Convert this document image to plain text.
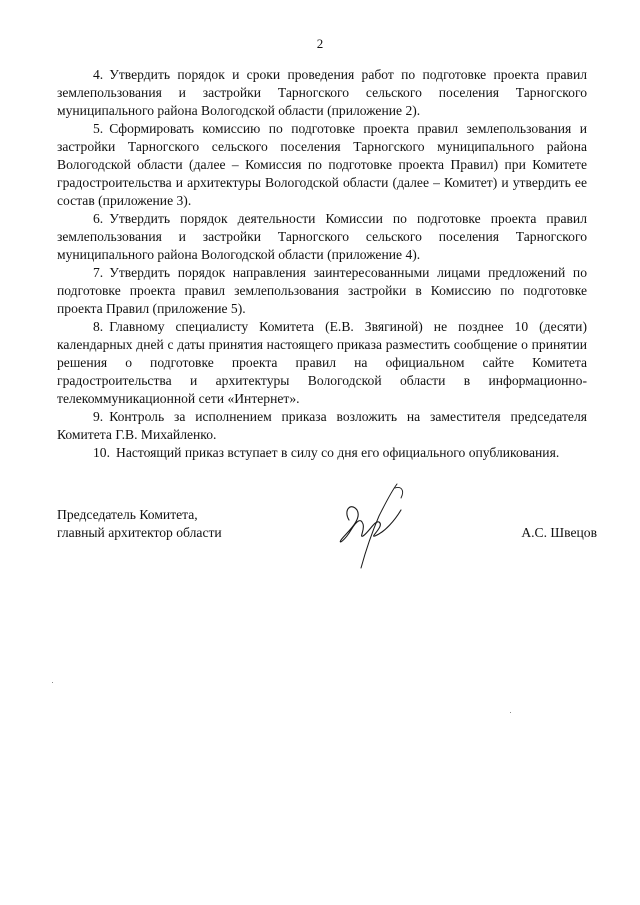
2

4. Утвердить порядок и сроки проведения работ по подготовке проекта правил землепользования и застройки Тарногского сельского поселения Тарногского муниципального района Вологодской области (приложение 2).

5. Сформировать комиссию по подготовке проекта правил землепользования и застройки Тарногского сельского поселения Тарногского муниципального района Вологодской области (далее – Комиссия по подготовке проекта Правил) при Комитете градостроительства и архитектуры Вологодской области (далее – Комитет) и утвердить ее состав (приложение 3).

6. Утвердить порядок деятельности Комиссии по подготовке проекта правил землепользования и застройки Тарногского сельского поселения Тарногского муниципального района Вологодской области (приложение 4).

7. Утвердить порядок направления заинтересованными лицами предложений по подготовке проекта правил землепользования застройки в Комиссию по подготовке проекта Правил (приложение 5).

8. Главному специалисту Комитета (Е.В. Звягиной) не позднее 10 (десяти) календарных дней с даты принятия настоящего приказа разместить сообщение о принятии решения о подготовке проекта правил на официальном сайте Комитета градостроительства и архитектуры Вологодской области в информационно-телекоммуникационной сети «Интернет».

9. Контроль за исполнением приказа возложить на заместителя председателя Комитета Г.В. Михайленко.

10. Настоящий приказ вступает в силу со дня его официального опубликования.

Председатель Комитета,
главный архитектор области	А.С. Швецов
